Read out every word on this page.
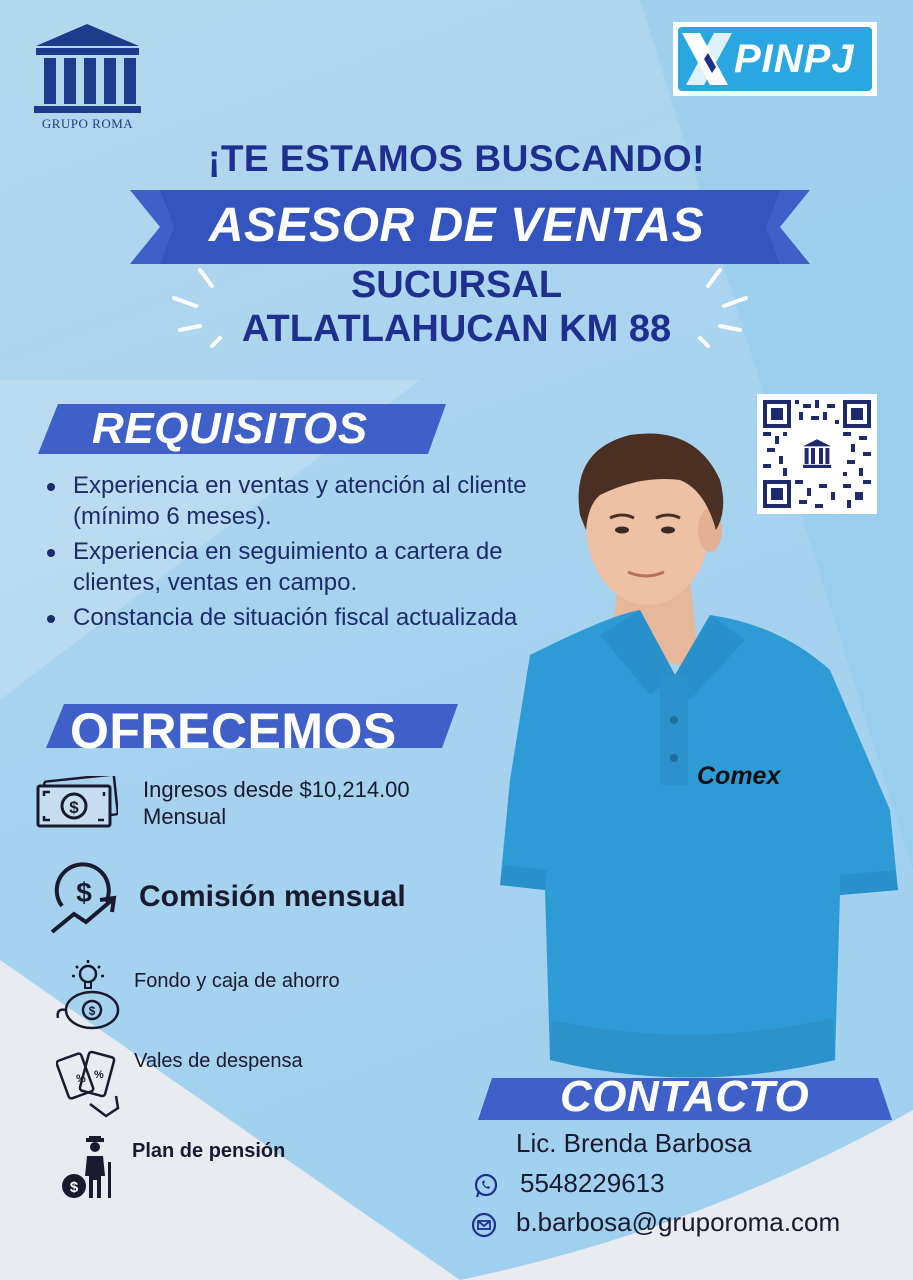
GRUPO ROMA
PINPJ
¡TE ESTAMOS BUSCANDO!
ASESOR DE VENTAS
SUCURSAL
ATLATLAHUCAN KM 88
Comex
REQUISITOS
Experiencia en ventas y atención al cliente (mínimo 6 meses).
Experiencia en seguimiento a cartera de clientes, ventas en campo.
Constancia de situación fiscal actualizada
OFRECEMOS
$
Ingresos desde $10,214.00
Mensual
$ Comisión mensual
$
Fondo y caja de ahorro
% %
Vales de despensa
$
Plan de pensión
CONTACTO
Lic. Brenda Barbosa
5548229613
b.barbosa@gruporoma.com
